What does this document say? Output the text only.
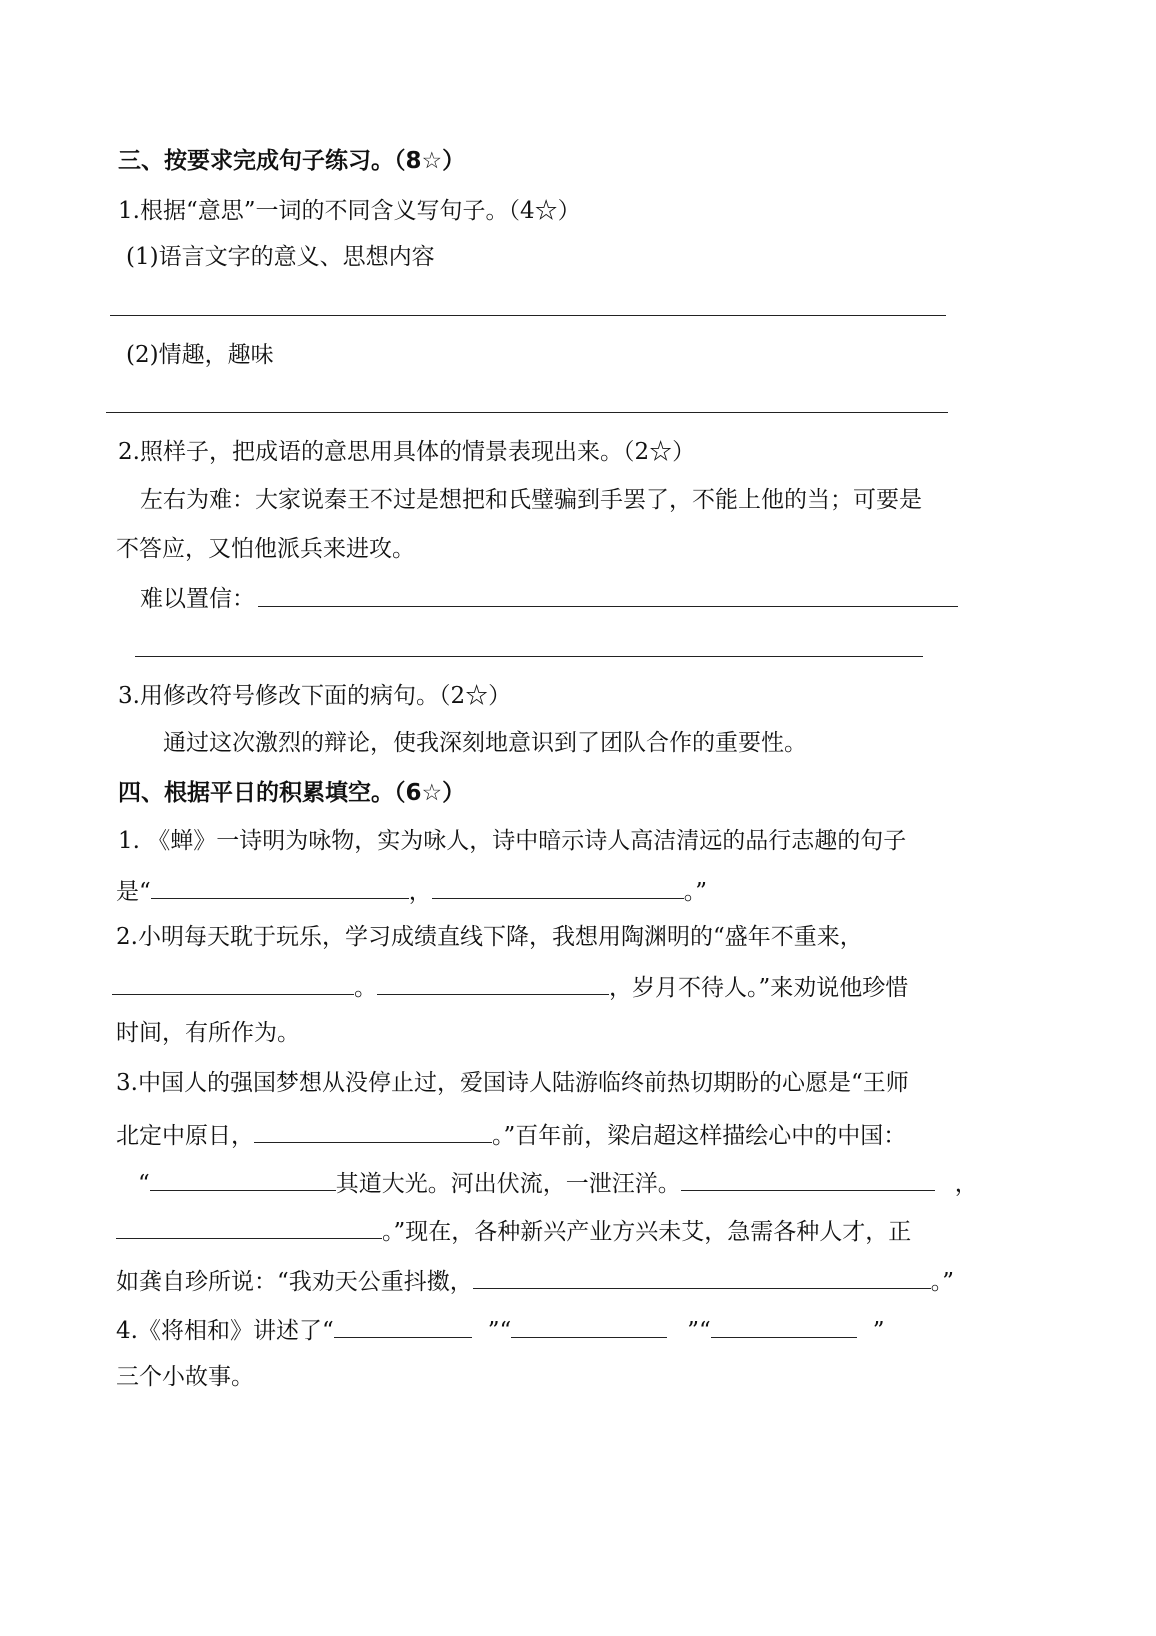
三、按要求完成句子练习。（8☆）
1.根据“意思”一词的不同含义写句子。（4☆）
(1)语言文字的意义、思想内容
(2)情趣，趣味
2.照样子，把成语的意思用具体的情景表现出来。（2☆）
左右为难：大家说秦王不过是想把和氏璧骗到手罢了，不能上他的当；可要是
不答应，又怕他派兵来进攻。
难以置信：
3.用修改符号修改下面的病句。（2☆）
通过这次激烈的辩论，使我深刻地意识到了团队合作的重要性。
四、根据平日的积累填空。（6☆）
1. 《蝉》一诗明为咏物，实为咏人，诗中暗示诗人高洁清远的品行志趣的句子
是“	，	。”
2.小明每天耽于玩乐，学习成绩直线下降，我想用陶渊明的“盛年不重来，
。	，岁月不待人。”来劝说他珍惜
时间，有所作为。
3.中国人的强国梦想从没停止过，爱国诗人陆游临终前热切期盼的心愿是“王师
北定中原日，	。”百年前，梁启超这样描绘心中的中国：
“	其道大光。河出伏流，一泄汪洋。	，
。”现在，各种新兴产业方兴未艾，急需各种人才，正
如龚自珍所说：“我劝天公重抖擞，	。”
4.《将相和》讲述了“	”“	”“	”
三个小故事。
